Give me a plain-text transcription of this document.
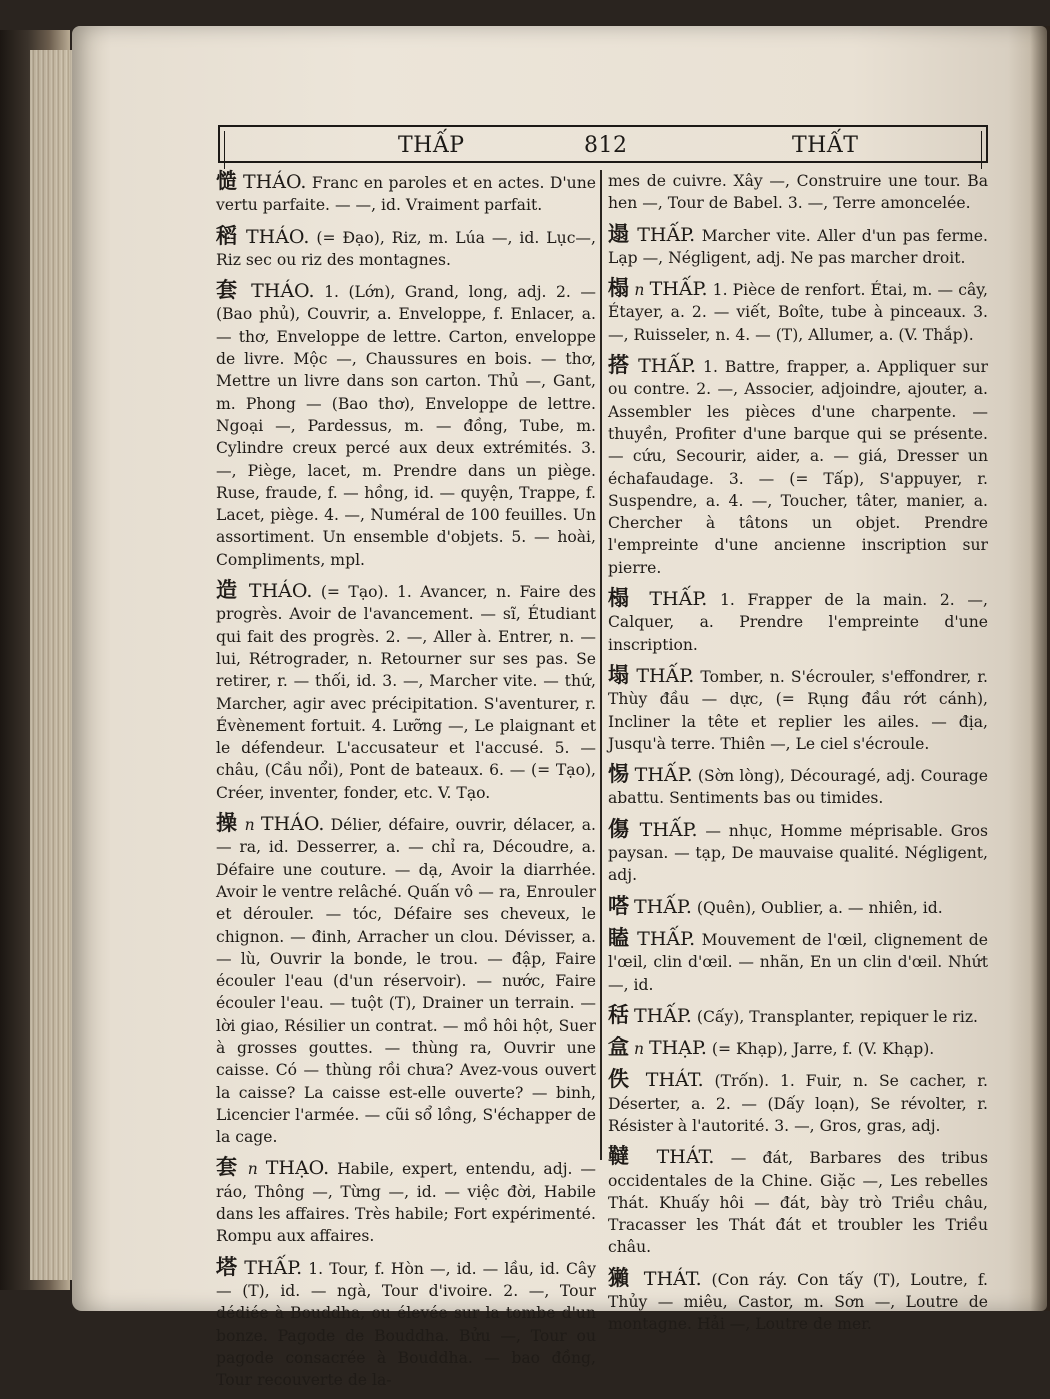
THẤP	812	THẤT
慥 THÁO. Franc en paroles et en actes. D'une vertu parfaite. — —, id. Vraiment parfait.
稻 THÁO. (= Đạo), Riz, m. Lúa —, id. Lục—, Riz sec ou riz des montagnes.
套 THÁO. 1. (Lớn), Grand, long, adj. 2. — (Bao phủ), Couvrir, a. Enveloppe, f. Enlacer, a. — thơ, Enveloppe de lettre. Carton, enveloppe de livre. Mộc —, Chaussures en bois. — thơ, Mettre un livre dans son carton. Thủ —, Gant, m. Phong — (Bao thơ), Enveloppe de lettre. Ngoại —, Pardessus, m. — đồng, Tube, m. Cylindre creux percé aux deux extrémités. 3. —, Piège, lacet, m. Prendre dans un piège. Ruse, fraude, f. — hồng, id. — quyện, Trappe, f. Lacet, piège. 4. —, Numéral de 100 feuilles. Un assortiment. Un ensemble d'objets. 5. — hoài, Compliments, mpl.
造 THÁO. (= Tạo). 1. Avancer, n. Faire des progrès. Avoir de l'avancement. — sĩ, Étudiant qui fait des progrès. 2. —, Aller à. Entrer, n. — lui, Rétrograder, n. Retourner sur ses pas. Se retirer, r. — thối, id. 3. —, Marcher vite. — thứ, Marcher, agir avec précipitation. S'aventurer, r. Évènement fortuit. 4. Lưỡng —, Le plaignant et le défendeur. L'accusateur et l'accusé. 5. — châu, (Cầu nổi), Pont de bateaux. 6. — (= Tạo), Créer, inventer, fonder, etc. V. Tạo.
操 n THÁO. Délier, défaire, ouvrir, délacer, a. — ra, id. Desserrer, a. — chỉ ra, Découdre, a. Défaire une couture. — dạ, Avoir la diarrhée. Avoir le ventre relâché. Quấn vô — ra, Enrouler et dérouler. — tóc, Défaire ses cheveux, le chignon. — đinh, Arracher un clou. Dévisser, a. — lù, Ouvrir la bonde, le trou. — đập, Faire écouler l'eau (d'un réservoir). — nước, Faire écouler l'eau. — tuột (T), Drainer un terrain. — lời giao, Résilier un contrat. — mồ hôi hột, Suer à grosses gouttes. — thùng ra, Ouvrir une caisse. Có — thùng rồi chưa? Avez-vous ouvert la caisse? La caisse est-elle ouverte? — binh, Licencier l'armée. — cũi sổ lồng, S'échapper de la cage.
套 n THẠO. Habile, expert, entendu, adj. — ráo, Thông —, Từng —, id. — việc đời, Habile dans les affaires. Très habile; Fort expérimenté. Rompu aux affaires.
塔 THẤP. 1. Tour, f. Hòn —, id. — lầu, id. Cây — (T), id. — ngà, Tour d'ivoire. 2. —, Tour dédiée à Bouddha, ou élevée sur la tombe d'un bonze. Pagode de Bouddha. Bửu —, Tour ou pagode consacrée à Bouddha. — bao đồng, Tour recouverte de la-
mes de cuivre. Xây —, Construire une tour. Ba hen —, Tour de Babel. 3. —, Terre amoncelée.
遢 THẤP. Marcher vite. Aller d'un pas ferme. Lạp —, Négligent, adj. Ne pas marcher droit.
榻 n THẤP. 1. Pièce de renfort. Étai, m. — cây, Étayer, a. 2. — viết, Boîte, tube à pinceaux. 3. —, Ruisseler, n. 4. — (T), Allumer, a. (V. Thắp).
搭 THẤP. 1. Battre, frapper, a. Appliquer sur ou contre. 2. —, Associer, adjoindre, ajouter, a. Assembler les pièces d'une charpente. — thuyền, Profiter d'une barque qui se présente. — cứu, Secourir, aider, a. — giá, Dresser un échafaudage. 3. — (= Tấp), S'appuyer, r. Suspendre, a. 4. —, Toucher, tâter, manier, a. Chercher à tâtons un objet. Prendre l'empreinte d'une ancienne inscription sur pierre.
榻 THẤP. 1. Frapper de la main. 2. —, Calquer, a. Prendre l'empreinte d'une inscription.
塌 THẤP. Tomber, n. S'écrouler, s'effondrer, r. Thùy đầu — dực, (= Rụng đầu rớt cánh), Incliner la tête et replier les ailes. — địa, Jusqu'à terre. Thiên —, Le ciel s'écroule.
惕 THẤP. (Sờn lòng), Découragé, adj. Courage abattu. Sentiments bas ou timides.
傷 THẤP. — nhục, Homme méprisable. Gros paysan. — tạp, De mauvaise qualité. Négligent, adj.
嗒 THẤP. (Quên), Oublier, a. — nhiên, id.
瞌 THẤP. Mouvement de l'œil, clignement de l'œil, clin d'œil. — nhãn, En un clin d'œil. Nhứt —, id.
秳 THẤP. (Cấy), Transplanter, repiquer le riz.
盒 n THẠP. (= Khạp), Jarre, f. (V. Khạp).
佚 THÁT. (Trốn). 1. Fuir, n. Se cacher, r. Déserter, a. 2. — (Dấy loạn), Se révolter, r. Résister à l'autorité. 3. —, Gros, gras, adj.
韃 THÁT. — đát, Barbares des tribus occidentales de la Chine. Giặc —, Les rebelles Thát. Khuấy hôi — đát, bày trò Triều châu, Tracasser les Thát đát et troubler les Triều châu.
獺 THÁT. (Con ráy. Con tấy (T), Loutre, f. Thủy — miêu, Castor, m. Sơn —, Loutre de montagne. Hải —, Loutre de mer.
